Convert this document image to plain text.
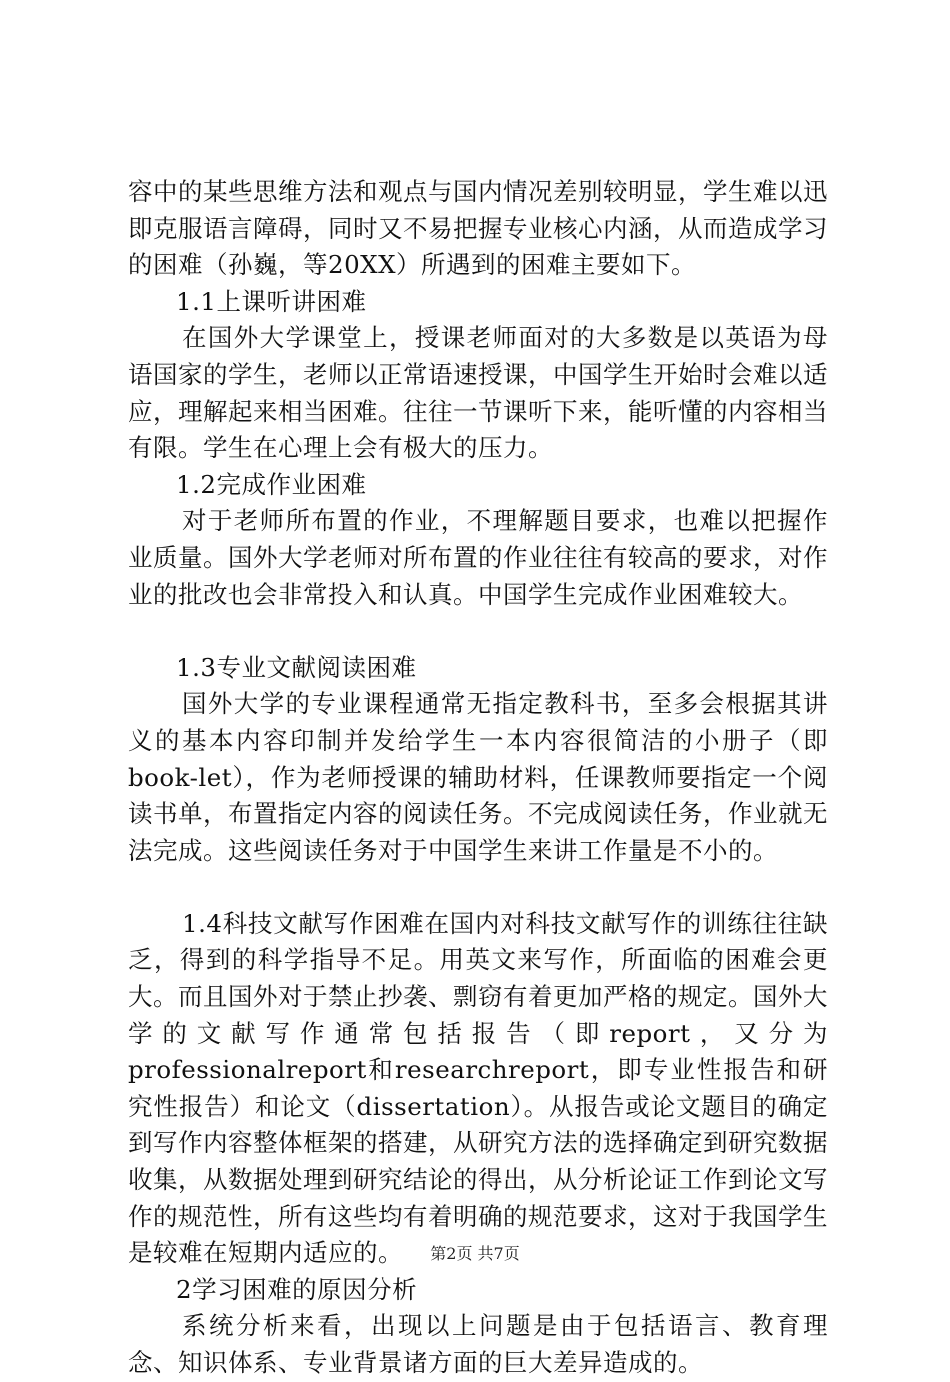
容中的某些思维方法和观点与国内情况差别较明显，学生难以迅即克服语言障碍，同时又不易把握专业核心内涵，从而造成学习的困难（孙巍，等20XX）所遇到的困难主要如下。

1.1上课听讲困难

在国外大学课堂上，授课老师面对的大多数是以英语为母语国家的学生，老师以正常语速授课，中国学生开始时会难以适应，理解起来相当困难。往往一节课听下来，能听懂的内容相当有限。学生在心理上会有极大的压力。

1.2完成作业困难

对于老师所布置的作业，不理解题目要求，也难以把握作业质量。国外大学老师对所布置的作业往往有较高的要求，对作业的批改也会非常投入和认真。中国学生完成作业困难较大。

1.3专业文献阅读困难

国外大学的专业课程通常无指定教科书，至多会根据其讲义的基本内容印制并发给学生一本内容很简洁的小册子（即book-let），作为老师授课的辅助材料，任课教师要指定一个阅读书单，布置指定内容的阅读任务。不完成阅读任务，作业就无法完成。这些阅读任务对于中国学生来讲工作量是不小的。

1.4科技文献写作困难在国内对科技文献写作的训练往往缺乏，得到的科学指导不足。用英文来写作，所面临的困难会更大。而且国外对于禁止抄袭、剽窃有着更加严格的规定。国外大学的文献写作通常包括报告（即report，又分为professionalreport和researchreport，即专业性报告和研究性报告）和论文（dissertation）。从报告或论文题目的确定到写作内容整体框架的搭建，从研究方法的选择确定到研究数据收集，从数据处理到研究结论的得出，从分析论证工作到论文写作的规范性，所有这些均有着明确的规范要求，这对于我国学生是较难在短期内适应的。

2学习困难的原因分析

系统分析来看，出现以上问题是由于包括语言、教育理念、知识体系、专业背景诸方面的巨大差异造成的。

第2页 共7页
